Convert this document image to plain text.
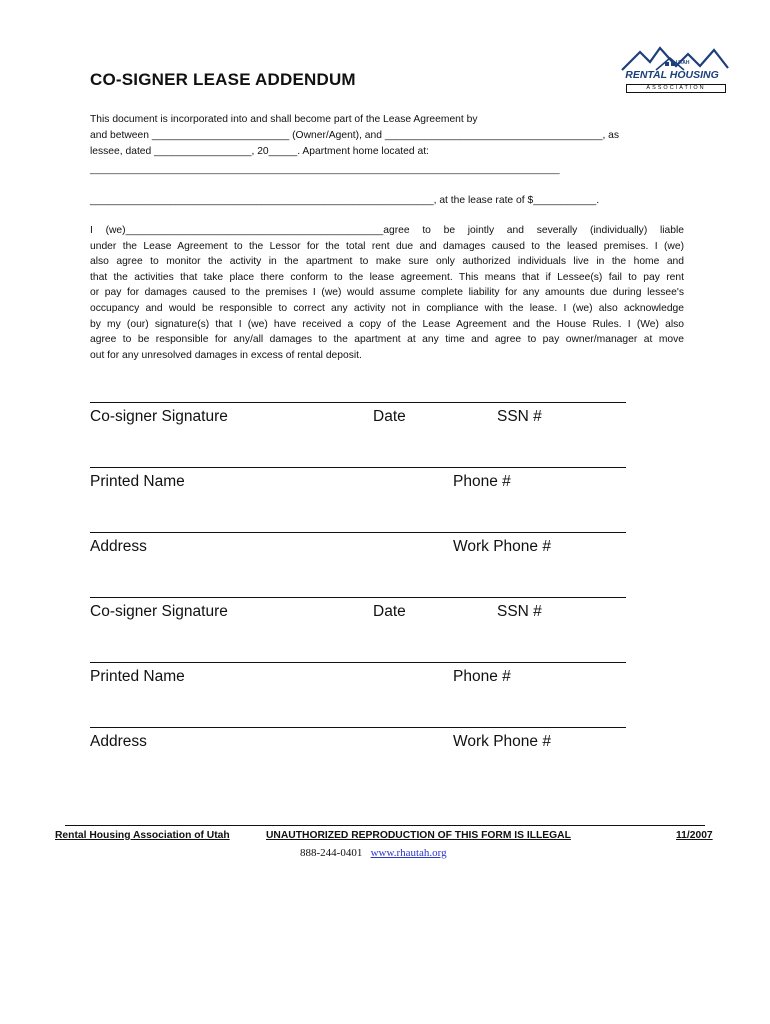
CO-SIGNER LEASE ADDENDUM
UTAH
RENTAL HOUSING
ASSOCIATION
This document is incorporated into and shall become part of the Lease Agreement by
and between ________________________ (Owner/Agent), and ______________________________________, as
lessee, dated _________________, 20_____. Apartment home located at:
________________________________________________________________________________________
____________________________________________________________, at the lease rate of $___________.
I (we)_____________________________________________agree to be jointly and severally (individually) liable
under the Lease Agreement to the Lessor for the total rent due and damages caused to the leased premises. I (we)
also agree to monitor the activity in the apartment to make sure only authorized individuals live in the home and
that the activities that take place there conform to the lease agreement. This means that if Lessee(s) fail to pay rent
or pay for damages caused to the premises I (we) would assume complete liability for any amounts due during lessee's
occupancy and would be responsible to correct any activity not in compliance with the lease. I (we) also acknowledge
by my (our) signature(s) that I (we) have received a copy of the Lease Agreement and the House Rules. I (We) also
agree to be responsible for any/all damages to the apartment at any time and agree to pay owner/manager at move
out for any unresolved damages in excess of rental deposit.
Co-signer Signature	Date	SSN #
Printed Name	Phone #
Address	Work Phone #
Co-signer Signature	Date	SSN #
Printed Name	Phone #
Address	Work Phone #
Rental Housing Association of Utah	UNAUTHORIZED REPRODUCTION OF THIS FORM IS ILLEGAL	11/2007
888-244-0401 www.rhautah.org
